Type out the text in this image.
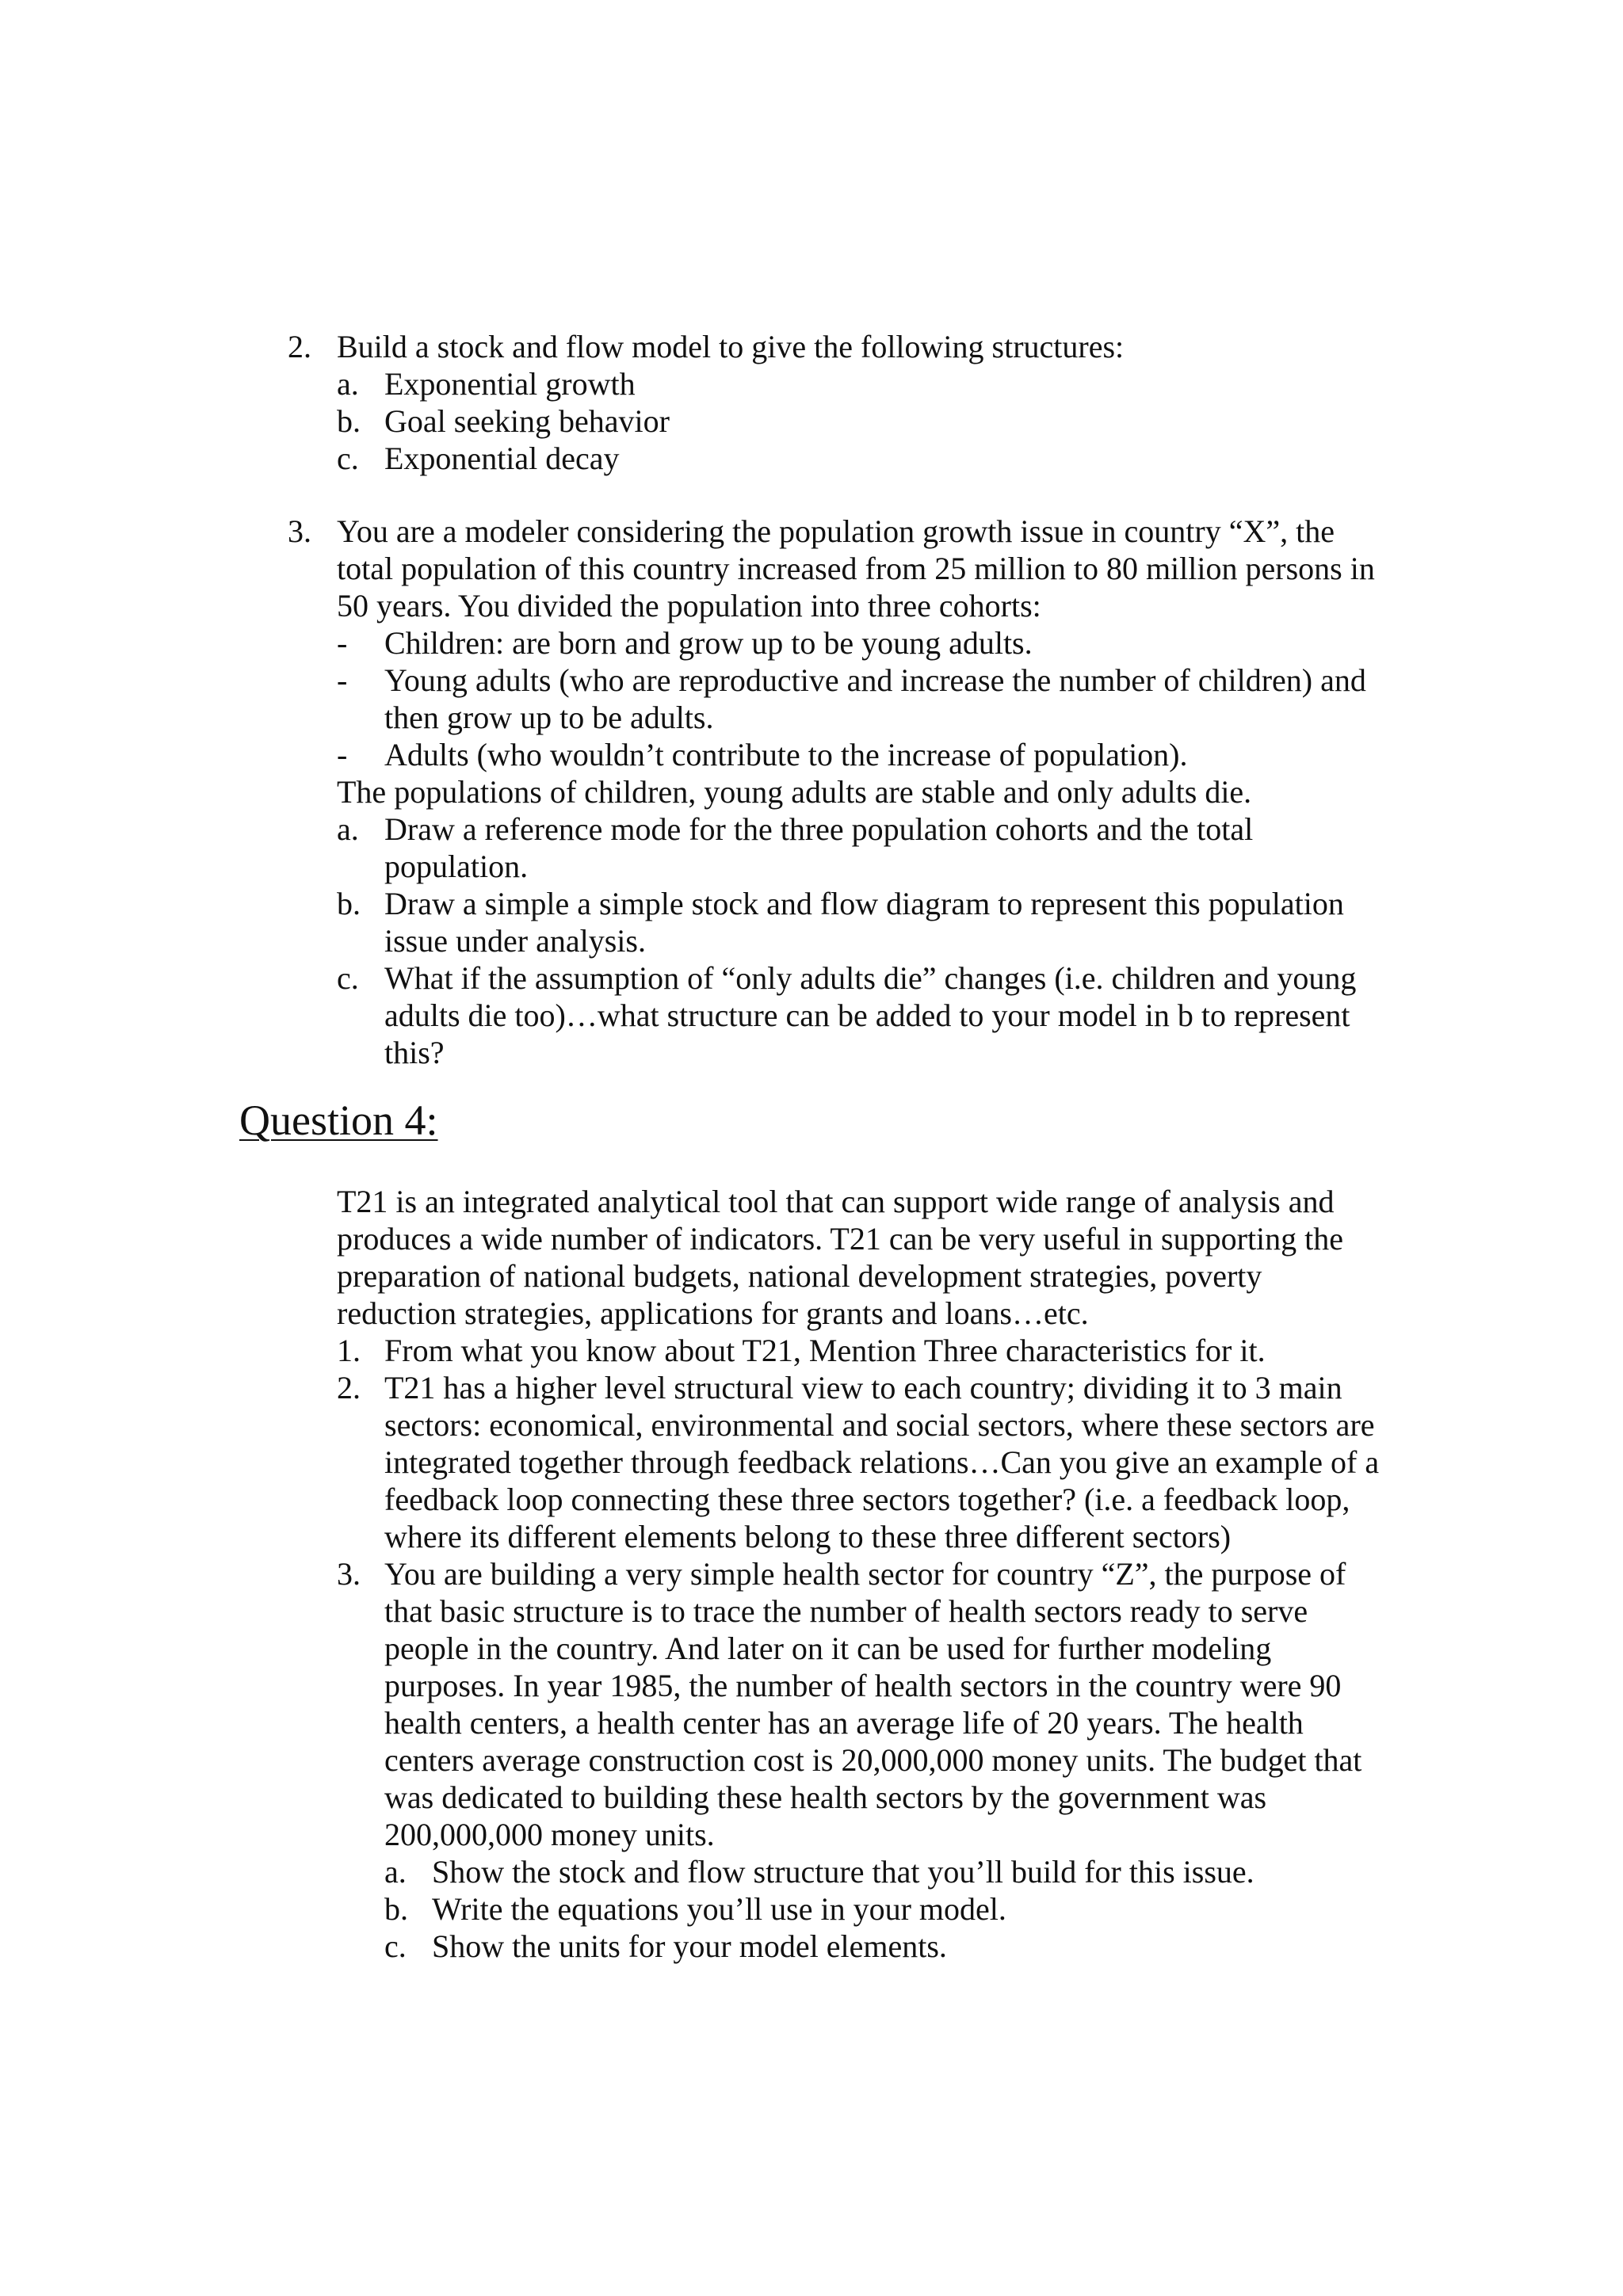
2. Build a stock and flow model to give the following structures:
a. Exponential growth
b. Goal seeking behavior
c. Exponential decay
3. You are a modeler considering the population growth issue in country “X”, the
total population of this country increased from 25 million to 80 million persons in
50 years. You divided the population into three cohorts:
- Children: are born and grow up to be young adults.
- Young adults (who are reproductive and increase the number of children) and
then grow up to be adults.
- Adults (who wouldn’t contribute to the increase of population).
The populations of children, young adults are stable and only adults die.
a. Draw a reference mode for the three population cohorts and the total
population.
b. Draw a simple a simple stock and flow diagram to represent this population
issue under analysis.
c. What if the assumption of “only adults die” changes (i.e. children and young
adults die too)…what structure can be added to your model in b to represent
this?
Question 4:
T21 is an integrated analytical tool that can support wide range of analysis and
produces a wide number of indicators. T21 can be very useful in supporting the
preparation of national budgets, national development strategies, poverty
reduction strategies, applications for grants and loans…etc.
1. From what you know about T21, Mention Three characteristics for it.
2. T21 has a higher level structural view to each country; dividing it to 3 main
sectors: economical, environmental and social sectors, where these sectors are
integrated together through feedback relations…Can you give an example of a
feedback loop connecting these three sectors together? (i.e. a feedback loop,
where its different elements belong to these three different sectors)
3. You are building a very simple health sector for country “Z”, the purpose of
that basic structure is to trace the number of health sectors ready to serve
people in the country. And later on it can be used for further modeling
purposes. In year 1985, the number of health sectors in the country were 90
health centers, a health center has an average life of 20 years. The health
centers average construction cost is 20,000,000 money units. The budget that
was dedicated to building these health sectors by the government was
200,000,000 money units.
a. Show the stock and flow structure that you’ll build for this issue.
b. Write the equations you’ll use in your model.
c. Show the units for your model elements.
